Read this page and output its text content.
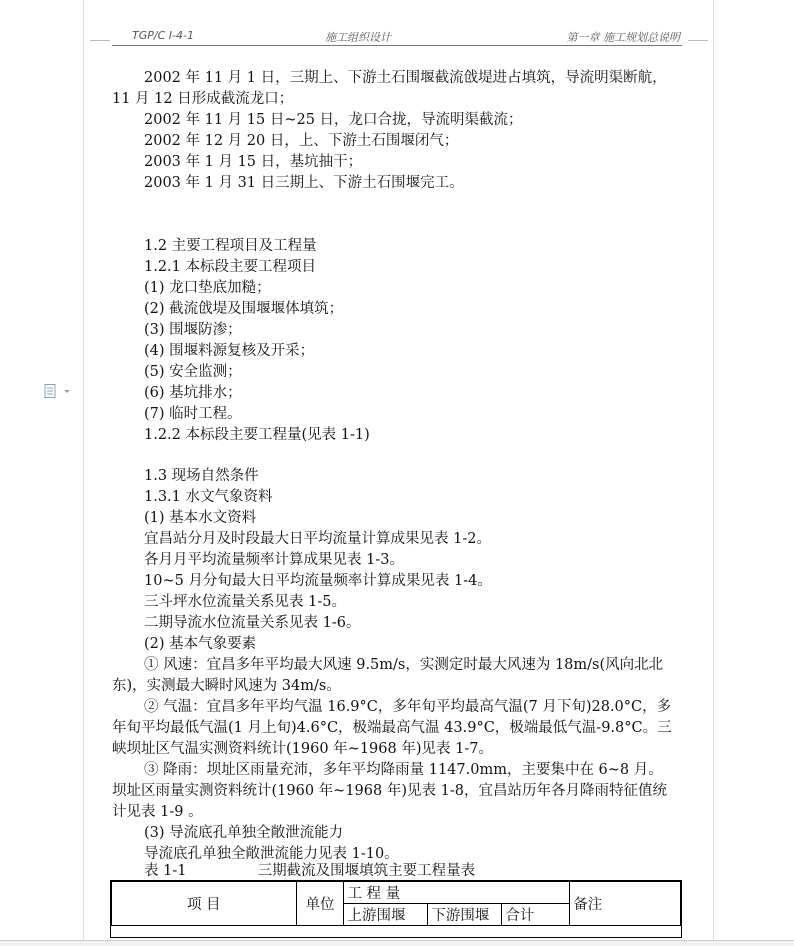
TGP/C Ⅰ-4-1	施工组织设计	第一章 施工规划总说明
2002 年 11 月 1 日，三期上、下游土石围堰截流戗堤进占填筑，导流明渠断航，
11 月 12 日形成截流龙口；
2002 年 11 月 15 日~25 日，龙口合拢，导流明渠截流；
2002 年 12 月 20 日，上、下游土石围堰闭气；
2003 年 1 月 15 日，基坑抽干；
2003 年 1 月 31 日三期上、下游土石围堰完工。
1.2 主要工程项目及工程量
1.2.1 本标段主要工程项目
(1) 龙口垫底加糙；
(2) 截流戗堤及围堰堰体填筑；
(3) 围堰防渗；
(4) 围堰料源复核及开采；
(5) 安全监测；
(6) 基坑排水；
(7) 临时工程。
1.2.2 本标段主要工程量(见表 1-1)
1.3 现场自然条件
1.3.1 水文气象资料
(1) 基本水文资料
宜昌站分月及时段最大日平均流量计算成果见表 1-2。
各月月平均流量频率计算成果见表 1-3。
10~5 月分旬最大日平均流量频率计算成果见表 1-4。
三斗坪水位流量关系见表 1-5。
二期导流水位流量关系见表 1-6。
(2) 基本气象要素
① 风速：宜昌多年平均最大风速 9.5m/s，实测定时最大风速为 18m/s(风向北北
东)，实测最大瞬时风速为 34m/s。
② 气温：宜昌多年平均气温 16.9°C，多年旬平均最高气温(7 月下旬)28.0°C，多
年旬平均最低气温(1 月上旬)4.6°C，极端最高气温 43.9°C，极端最低气温-9.8°C。三
峡坝址区气温实测资料统计(1960 年~1968 年)见表 1-7。
③ 降雨：坝址区雨量充沛，多年平均降雨量 1147.0mm，主要集中在 6~8 月。
坝址区雨量实测资料统计(1960 年~1968 年)见表 1-8，宜昌站历年各月降雨特征值统
计见表 1-9 。
(3) 导流底孔单独全敞泄流能力
导流底孔单独全敞泄流能力见表 1-10。
表 1-1	三期截流及围堰填筑主要工程量表
项 目	单位	工 程 量			备注
		上游围堰	下游围堰	合计	
